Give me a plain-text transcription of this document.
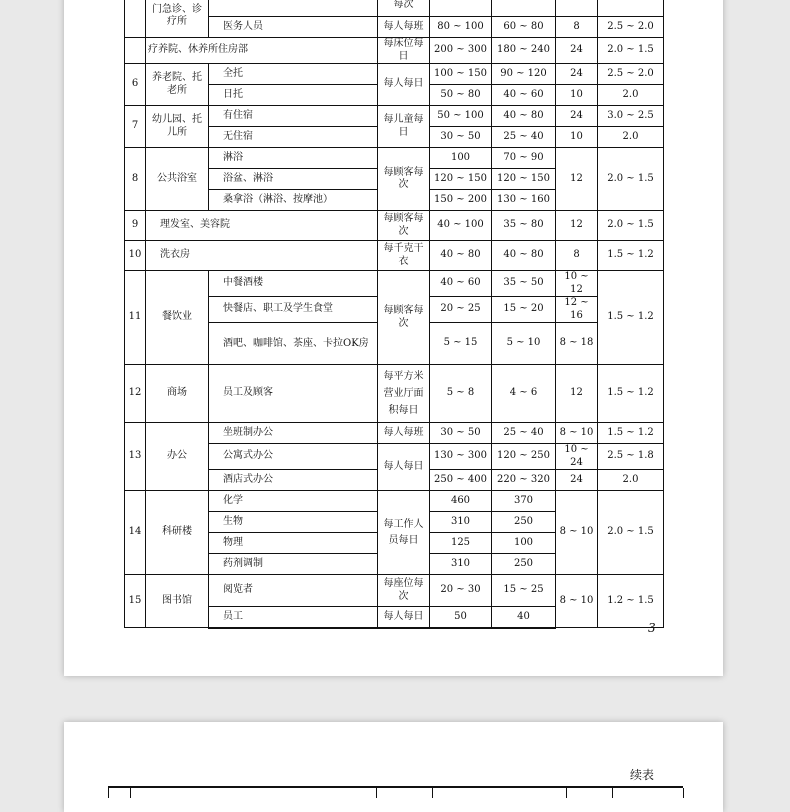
	门急诊、诊疗所		每次				
		医务人员	每人每班	80 ~ 100	60 ~ 80	8	2.5 ~ 2.0
	疗养院、休养所住房部		每床位每日	200 ~ 300	180 ~ 240	24	2.0 ~ 1.5
6	养老院、托老所	全托	每人每日	100 ~ 150	90 ~ 120	24	2.5 ~ 2.0
		日托		50 ~ 80	40 ~ 60	10	2.0
7	幼儿园、托儿所	有住宿	每儿童每日	50 ~ 100	40 ~ 80	24	3.0 ~ 2.5
		无住宿		30 ~ 50	25 ~ 40	10	2.0
8	公共浴室	淋浴	每顾客每次	100	70 ~ 90	12	2.0 ~ 1.5
		浴盆、淋浴		120 ~ 150	120 ~ 150		
		桑拿浴（淋浴、按摩池）		150 ~ 200	130 ~ 160		
9	理发室、美容院		每顾客每次	40 ~ 100	35 ~ 80	12	2.0 ~ 1.5
10	洗衣房		每千克干衣	40 ~ 80	40 ~ 80	8	1.5 ~ 1.2
11	餐饮业	中餐酒楼	每顾客每次	40 ~ 60	35 ~ 50	10 ~ 12	1.5 ~ 1.2
		快餐店、职工及学生食堂		20 ~ 25	15 ~ 20	12 ~ 16	
		酒吧、咖啡馆、茶座、卡拉OK房		5 ~ 15	5 ~ 10	8 ~ 18	
12	商场	员工及顾客	每平方米营业厅面积每日	5 ~ 8	4 ~ 6	12	1.5 ~ 1.2
13	办公	坐班制办公	每人每班	30 ~ 50	25 ~ 40	8 ~ 10	1.5 ~ 1.2
		公寓式办公	每人每日	130 ~ 300	120 ~ 250	10 ~ 24	2.5 ~ 1.8
		酒店式办公		250 ~ 400	220 ~ 320	24	2.0
14	科研楼	化学	每工作人员每日	460	370	8 ~ 10	2.0 ~ 1.5
		生物		310	250		
		物理		125	100		
		药剂调制		310	250		
15	图书馆	阅览者	每座位每次	20 ~ 30	15 ~ 25	8 ~ 10	1.2 ~ 1.5
		员工	每人每日	50	40		
3
续表
